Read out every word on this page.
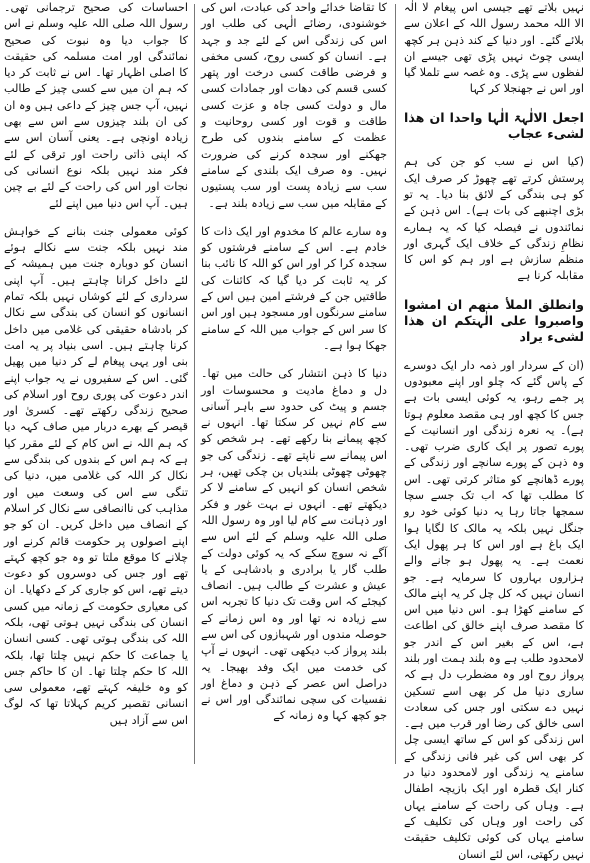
نہیں بلاتے تھے جیسی اس پیغام لا الٰہ الا اللہ محمد رسول اللہ کے اعلان سے بلائے گئے۔ اور دنیا کے کند ذہن ہر کچھ ایسی چوٹ نہیں پڑی تھی جیسے ان لفظوں سے پڑی۔ وہ غصہ سے تلملا گیا اور اس نے جھنجلا کر کہا

اجعل الالٰہۃ الٰہا واحدا ان ھذا لشیء عجاب

(کیا اس نے سب کو جن کی ہم پرستش کرتے تھے چھوڑ کر صرف ایک کو ہی بندگی کے لائق بنا دیا۔ یہ تو بڑی اچنبھے کی بات ہے)۔ اس ذہن کے نمائندوں نے فیصلہ کیا کہ یہ ہمارے نظامِ زندگی کے خلاف ایک گہری اور منظم سازش ہے اور ہم کو اس کا مقابلہ کرنا ہے

وانطلق الملأ منھم ان امشوا واصبروا علی الٰہتکم ان ھذا لشیء یراد

(ان کے سردار اور ذمہ دار ایک دوسرے کے پاس گئے کہ چلو اور اپنے معبودوں پر جمے رہو، یہ کوئی ایسی بات ہے جس کا کچھ اور ہی مقصد معلوم ہوتا ہے)۔ یہ نعرہ زندگی اور انسانیت کے پورے تصور پر ایک کاری ضرب تھی۔ وہ ذہن کے پورے سانچے اور زندگی کے پورے ڈھانچے کو متاثر کرتی تھی۔ اس کا مطلب تھا کہ اب تک جسے سچا سمجھا جاتا رہا یہ دنیا کوئی خود رو جنگل نہیں بلکہ یہ مالک کا لگایا ہوا ایک باغ ہے اور اس کا ہر پھول ایک نعمت ہے۔ یہ پھول ہو جانے والے ہزاروں بہاروں کا سرمایہ ہے۔ جو انسان نہیں کہ کل چل کر یہ اپنے مالک کے سامنے کھڑا ہو۔ اس دنیا میں اس کا مقصد صرف اپنے خالق کی اطاعت ہے، اس کے بغیر اس کے اندر جو لامحدود طلب ہے وہ بلند ہمت اور بلند پرواز روح اور وہ مضطرب دل ہے کہ ساری دنیا مل کر بھی اسے تسکین نہیں دے سکتی اور جس کی سعادت اسی خالق کی رضا اور قرب میں ہے۔ اس زندگی کو اس کے ساتھ ایسی چل کر بھی اس کی غیر فانی زندگی کے سامنے یہ زندگی اور لامحدود دنیا در کنار ایک قطرہ اور ایک بازیچہ اطفال ہے۔ وہاں کی راحت کے سامنے یہاں کی راحت اور وہاں کی تکلیف کے سامنے یہاں کی کوئی تکلیف حقیقت نہیں رکھتی، اس لئے انسان

کا تقاضا خدائے واحد کی عبادت، اس کی خوشنودی، رضائے الٰہی کی طلب اور اس کی زندگی اس کے لئے جد و جہد ہے۔ انسان کو کسی روح، کسی مخفی و فرضی طاقت کسی درخت اور پتھر کسی قسم کی دھات اور جمادات کسی مال و دولت کسی جاہ و عزت کسی طاقت و قوت اور کسی روحانیت و عظمت کے سامنے بندوں کی طرح جھکنے اور سجدہ کرنے کی ضرورت نہیں۔ وہ صرف ایک بلندی کے سامنے سب سے زیادہ پست اور سب پستیوں کے مقابلہ میں سب سے زیادہ بلند ہے۔

وہ سارے عالم کا مخدوم اور ایک ذات کا خادم ہے۔ اس کے سامنے فرشتوں کو سجدہ کرا کر اور اس کو اللہ کا نائب بنا کر یہ ثابت کر دیا گیا کہ کائنات کی طاقتیں جن کے فرشتے امین ہیں اس کے سامنے سرنگوں اور مسجود ہیں اور اس کا سر اس کے جواب میں اللہ کے سامنے جھکا ہوا ہے۔

دنیا کا ذہن انتشار کی حالت میں تھا۔ دل و دماغ مادیت و محسوسات اور جسم و پیٹ کی حدود سے باہر آسانی سے کام نہیں کر سکتا تھا۔ انہوں نے کچھ پیمانے بنا رکھے تھے۔ ہر شخص کو اس پیمانے سے ناپتے تھے۔ زندگی کی جو چھوٹی چھوٹی بلندیاں بن چکی تھیں، ہر شخص انسان کو انہیں کے سامنے لا کر دیکھتے تھے۔ انہوں نے بہت غور و فکر اور ذہانت سے کام لیا اور وہ رسول اللہ صلی اللہ علیہ وسلم کے لئے اس سے آگے نہ سوچ سکے کہ یہ کوئی دولت کے طلب گار یا برادری و بادشاہی کے یا عیش و عشرت کے طالب ہیں۔ انصاف کیجئے کہ اس وقت تک دنیا کا تجربہ اس سے زیادہ نہ تھا اور وہ اس زمانے کے حوصلہ مندوں اور شہبازوں کی اس سے بلند پرواز کب دیکھی تھی۔ انہوں نے آپ کی خدمت میں ایک وفد بھیجا۔ یہ دراصل اس عصر کے ذہن و دماغ اور نفسیات کی سچی نمائندگی اور اس نے جو کچھ کہا وہ زمانہ کے

احساسات کی صحیح ترجمانی تھی۔ رسول اللہ صلی اللہ علیہ وسلم نے اس کا جواب دیا وہ نبوت کی صحیح نمائندگی اور امت مسلمہ کی حقیقت کا اصلی اظہار تھا۔ اس نے ثابت کر دیا کہ ہم ان میں سے کسی چیز کے طالب نہیں، آپ جس چیز کے داعی ہیں وہ ان کی ان بلند چیزوں سے اس سے بھی زیادہ اونچی ہے۔ یعنی آسان اس سے کہ اپنی ذاتی راحت اور ترقی کے لئے فکر مند نہیں بلکہ نوع انسانی کی نجات اور اس کی راحت کے لئے بے چین ہیں۔ آپ اس دنیا میں اپنے لئے

کوئی معمولی جنت بنانے کے خواہش مند نہیں بلکہ جنت سے نکالے ہوئے انسان کو دوبارہ جنت میں ہمیشہ کے لئے داخل کرانا چاہتے ہیں۔ آپ اپنی سرداری کے لئے کوشاں نہیں بلکہ تمام انسانوں کو انسان کی بندگی سے نکال کر بادشاہ حقیقی کی غلامی میں داخل کرنا چاہتے ہیں۔ اسی بنیاد پر یہ امت بنی اور یہی پیغام لے کر دنیا میں پھیل گئی۔ اس کے سفیروں نے یہ جواب اپنے اندر دعوت کی پوری روح اور اسلام کی صحیح زندگی رکھتے تھے۔ کسریٰ اور قیصر کے بھرے دربار میں صاف کہہ دیا کہ ہم اللہ نے اس کام کے لئے مقرر کیا ہے کہ ہم اس کے بندوں کی بندگی سے نکال کر اللہ کی غلامی میں، دنیا کی تنگی سے اس کی وسعت میں اور مذاہب کی ناانصافی سے نکال کر اسلام کے انصاف میں داخل کریں۔ ان کو جو اپنے اصولوں پر حکومت قائم کرنے اور چلانے کا موقع ملتا تو وہ جو کچھ کہتے تھے اور جس کی دوسروں کو دعوت دیتے تھے، اس کو جاری کر کے دکھایا۔ ان کی معیاری حکومت کے زمانہ میں کسی انسان کی بندگی نہیں ہوتی تھی، بلکہ اللہ کی بندگی ہوتی تھی۔ کسی انسان یا جماعت کا حکم نہیں چلتا تھا، بلکہ اللہ کا حکم چلتا تھا۔ ان کا حاکم جس کو وہ خلیفہ کہتے تھے، معمولی سی انسانی تقصیر کریم کہلاتا تھا کہ لوگ اس سے آزاد ہیں
